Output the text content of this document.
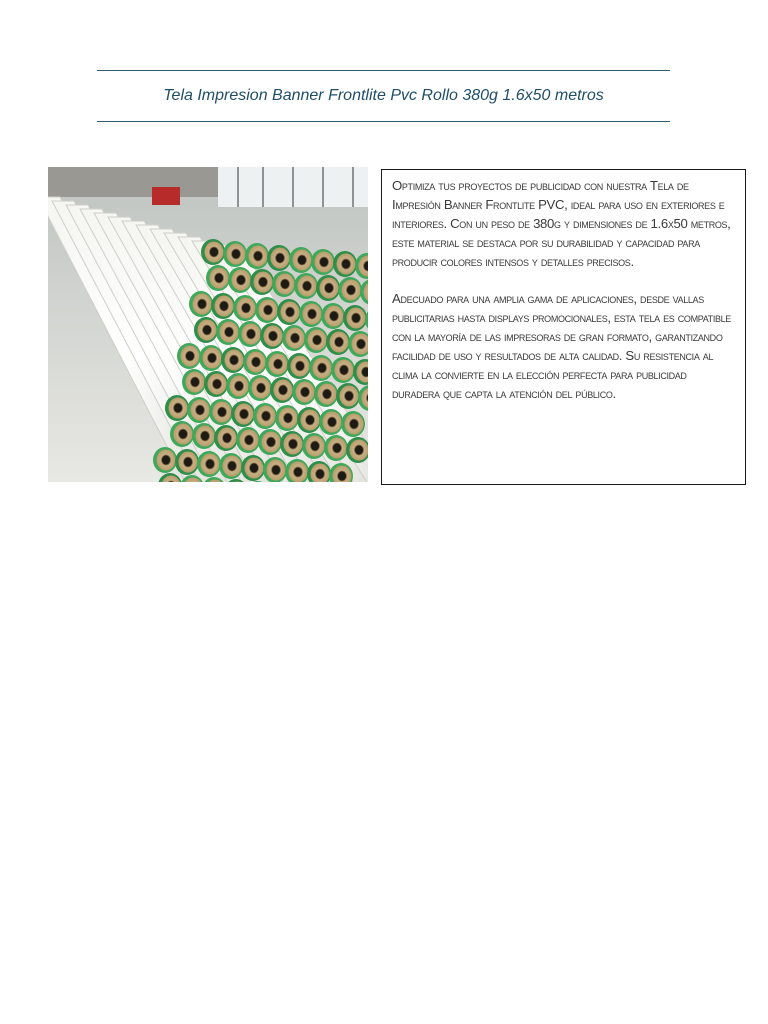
Tela Impresion Banner Frontlite Pvc Rollo 380g 1.6x50 metros

Optimiza tus proyectos de publicidad con nuestra Tela de Impresión Banner Frontlite PVC, ideal para uso en exteriores e interiores. Con un peso de 380g y dimensiones de 1.6x50 metros, este material se destaca por su durabilidad y capacidad para producir colores intensos y detalles precisos.

Adecuado para una amplia gama de aplicaciones, desde vallas publicitarias hasta displays promocionales, esta tela es compatible con la mayoría de las impresoras de gran formato, garantizando facilidad de uso y resultados de alta calidad. Su resistencia al clima la convierte en la elección perfecta para publicidad duradera que capta la atención del público.
